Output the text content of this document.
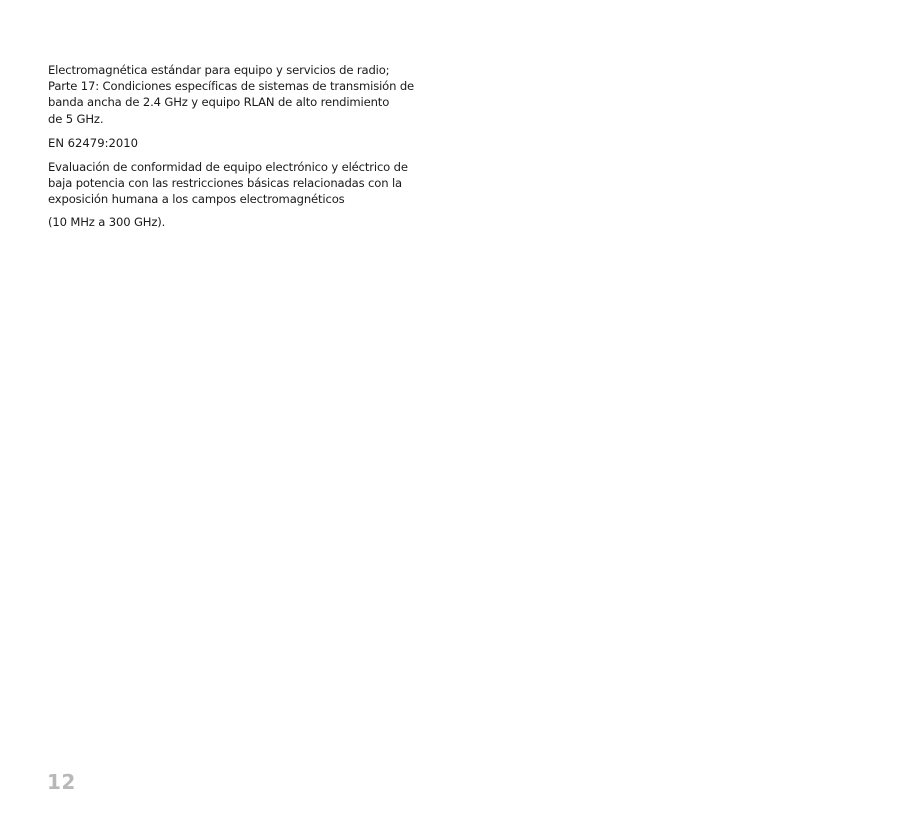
Electromagnética estándar para equipo y servicios de radio;
Parte 17: Condiciones específicas de sistemas de transmisión de
banda ancha de 2.4 GHz y equipo RLAN de alto rendimiento
de 5 GHz.

EN 62479:2010

Evaluación de conformidad de equipo electrónico y eléctrico de
baja potencia con las restricciones básicas relacionadas con la
exposición humana a los campos electromagnéticos

(10 MHz a 300 GHz).

12
